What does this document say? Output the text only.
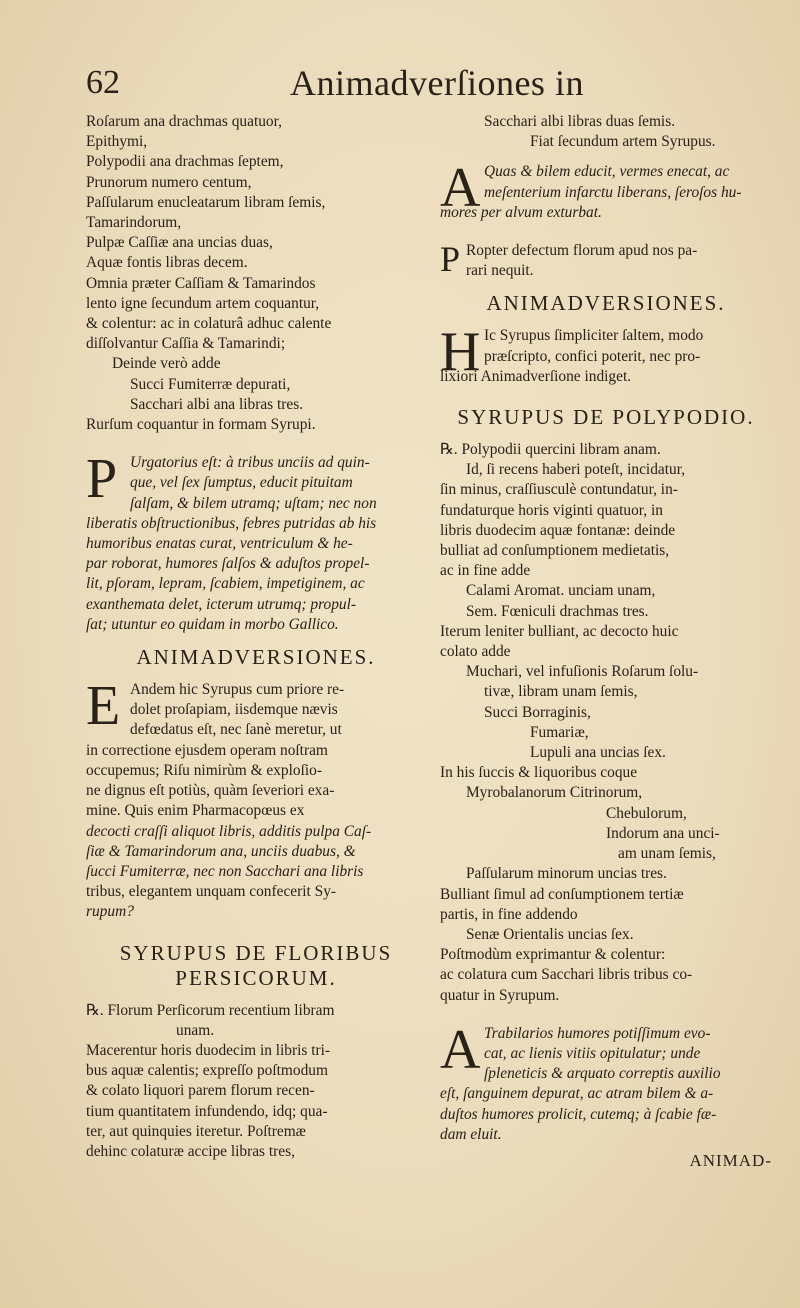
62	Animadverſiones in
Roſarum ana drachmas quatuor,
Epithymi,
Polypodii ana drachmas ſeptem,
Prunorum numero centum,
Paſſularum enucleatarum libram ſemis,
Tamarindorum,
Pulpæ Caſſiæ ana uncias duas,
Aquæ fontis libras decem.
Omnia præter Caſſiam & Tamarindos
lento igne ſecundum artem coquantur,
& colentur: ac in colaturâ adhuc calente
diſſolvantur Caſſia & Tamarindi;
Deinde verò adde
Succi Fumiterræ depurati,
Sacchari albi ana libras tres.
Rurſum coquantur in formam Syrupi.
P Urgatorius eſt: à tribus unciis ad quin-
que, vel ſex ſumptus, educit pituitam
ſalſam, & bilem utramq; uſtam; nec non
liberatis obſtructionibus, febres putridas ab his
humoribus enatas curat, ventriculum & he-
par roborat, humores ſalſos & aduſtos propel-
lit, pſoram, lepram, ſcabiem, impetiginem, ac
exanthemata delet, icterum utrumq; propul-
ſat; utuntur eo quidam in morbo Gallico.
ANIMADVERSIONES.
E Andem hic Syrupus cum priore re-
dolet proſapiam, iisdemque nævis
defœdatus eſt, nec ſanè meretur, ut
in correctione ejusdem operam noſtram
occupemus; Riſu nimirùm & exploſio-
ne dignus eſt potiùs, quàm ſeveriori exa-
mine. Quis enim Pharmacopœus ex
decocti craſſi aliquot libris, additis pulpa Caſ-
ſiæ & Tamarindorum ana, unciis duabus, &
ſucci Fumiterræ, nec non Sacchari ana libris
tribus, elegantem unquam confecerit Sy-
rupum?
SYRUPUS DE FLORIBUS
PERSICORUM.
℞. Florum Perſicorum recentium libram
unam.
Macerentur horis duodecim in libris tri-
bus aquæ calentis; expreſſo poſtmodum
& colato liquori parem florum recen-
tium quantitatem infundendo, idq; qua-
ter, aut quinquies iteretur. Poſtremæ
dehinc colaturæ accipe libras tres,
Sacchari albi libras duas ſemis.
Fiat ſecundum artem Syrupus.
A Quas & bilem educit, vermes enecat, ac
meſenterium infarctu liberans, ſeroſos hu-
mores per alvum exturbat.
P Ropter defectum florum apud nos pa-
rari nequit.
ANIMADVERSIONES.
H Ic Syrupus ſimpliciter ſaltem, modo
præſcripto, confici poterit, nec pro-
lixiori Animadverſione indiget.
SYRUPUS DE POLYPODIO.
℞. Polypodii quercini libram anam.
Id, ſi recens haberi poteſt, incidatur,
ſin minus, craſſiusculè contundatur, in-
fundaturque horis viginti quatuor, in
libris duodecim aquæ fontanæ: deinde
bulliat ad conſumptionem medietatis,
ac in fine adde
Calami Aromat. unciam unam,
Sem. Fœniculi drachmas tres.
Iterum leniter bulliant, ac decocto huic
colato adde
Muchari, vel infuſionis Roſarum ſolu-
tivæ, libram unam ſemis,
Succi Borraginis,
Fumariæ,
Lupuli ana uncias ſex.
In his ſuccis & liquoribus coque
Myrobalanorum Citrinorum,
Chebulorum,
Indorum ana unci-
am unam ſemis,
Paſſularum minorum uncias tres.
Bulliant ſimul ad conſumptionem tertiæ
partis, in fine addendo
Senæ Orientalis uncias ſex.
Poſtmodùm exprimantur & colentur:
ac colatura cum Sacchari libris tribus co-
quatur in Syrupum.
A Trabilarios humores potiſſimum evo-
cat, ac lienis vitiis opitulatur; unde
ſpleneticis & arquato correptis auxilio
eſt, ſanguinem depurat, ac atram bilem & a-
duſtos humores prolicit, cutemq; à ſcabie fæ-
dam eluit.
ANIMAD-
